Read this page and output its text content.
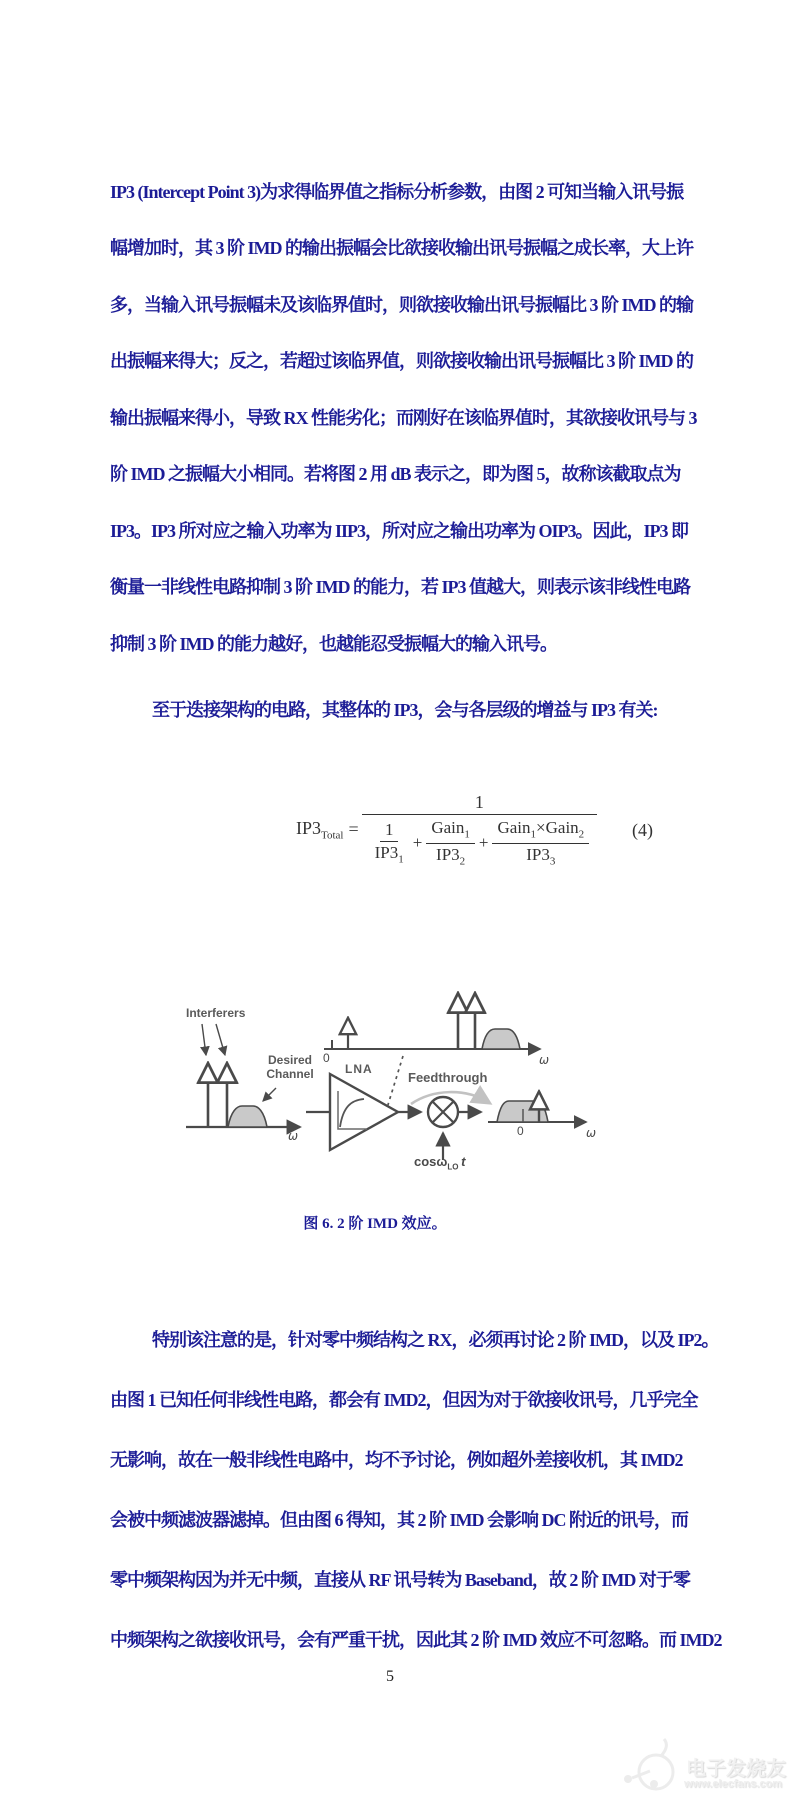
IP3 (Intercept Point 3)为求得临界值之指标分析参数，由图 2 可知当输入讯号振
幅增加时，其 3 阶 IMD 的输出振幅会比欲接收输出讯号振幅之成长率，大上许
多，当输入讯号振幅未及该临界值时，则欲接收输出讯号振幅比 3 阶 IMD 的输
出振幅来得大；反之，若超过该临界值，则欲接收输出讯号振幅比 3 阶 IMD 的
输出振幅来得小，导致 RX 性能劣化；而刚好在该临界值时，其欲接收讯号与 3
阶 IMD 之振幅大小相同。若将图 2 用 dB 表示之，即为图 5，故称该截取点为
IP3。IP3 所对应之输入功率为 IIP3，所对应之输出功率为 OIP3。因此，IP3 即
衡量一非线性电路抑制 3 阶 IMD 的能力，若 IP3 值越大，则表示该非线性电路
抑制 3 阶 IMD 的能力越好，也越能忍受振幅大的输入讯号。
至于迭接架构的电路，其整体的 IP3，会与各层级的增益与 IP3 有关:
$IP3_{Total}$ =
1
1
$IP3_1$
+
Gain$_1$
$IP3_2$
+
Gain$_1$×Gain$_2$
$IP3_3$
(4)
Interferers
Desired
Channel	LNA
Feedthrough
cosω$_{LO}$  t
ω
0	ω
0	ω
图 6. 2 阶 IMD 效应。
特别该注意的是，针对零中频结构之 RX，必须再讨论 2 阶 IMD，以及 IP2。
由图 1 已知任何非线性电路，都会有 IMD2，但因为对于欲接收讯号，几乎完全
无影响，故在一般非线性电路中，均不予讨论，例如超外差接收机，其 IMD2
会被中频滤波器滤掉。但由图 6 得知，其 2 阶 IMD 会影响 DC 附近的讯号，而
零中频架构因为并无中频，直接从 RF 讯号转为 Baseband，故 2 阶 IMD 对于零
中频架构之欲接收讯号，会有严重干扰，因此其 2 阶 IMD 效应不可忽略。而 IMD2
5
电子发烧友
www.elecfans.com
